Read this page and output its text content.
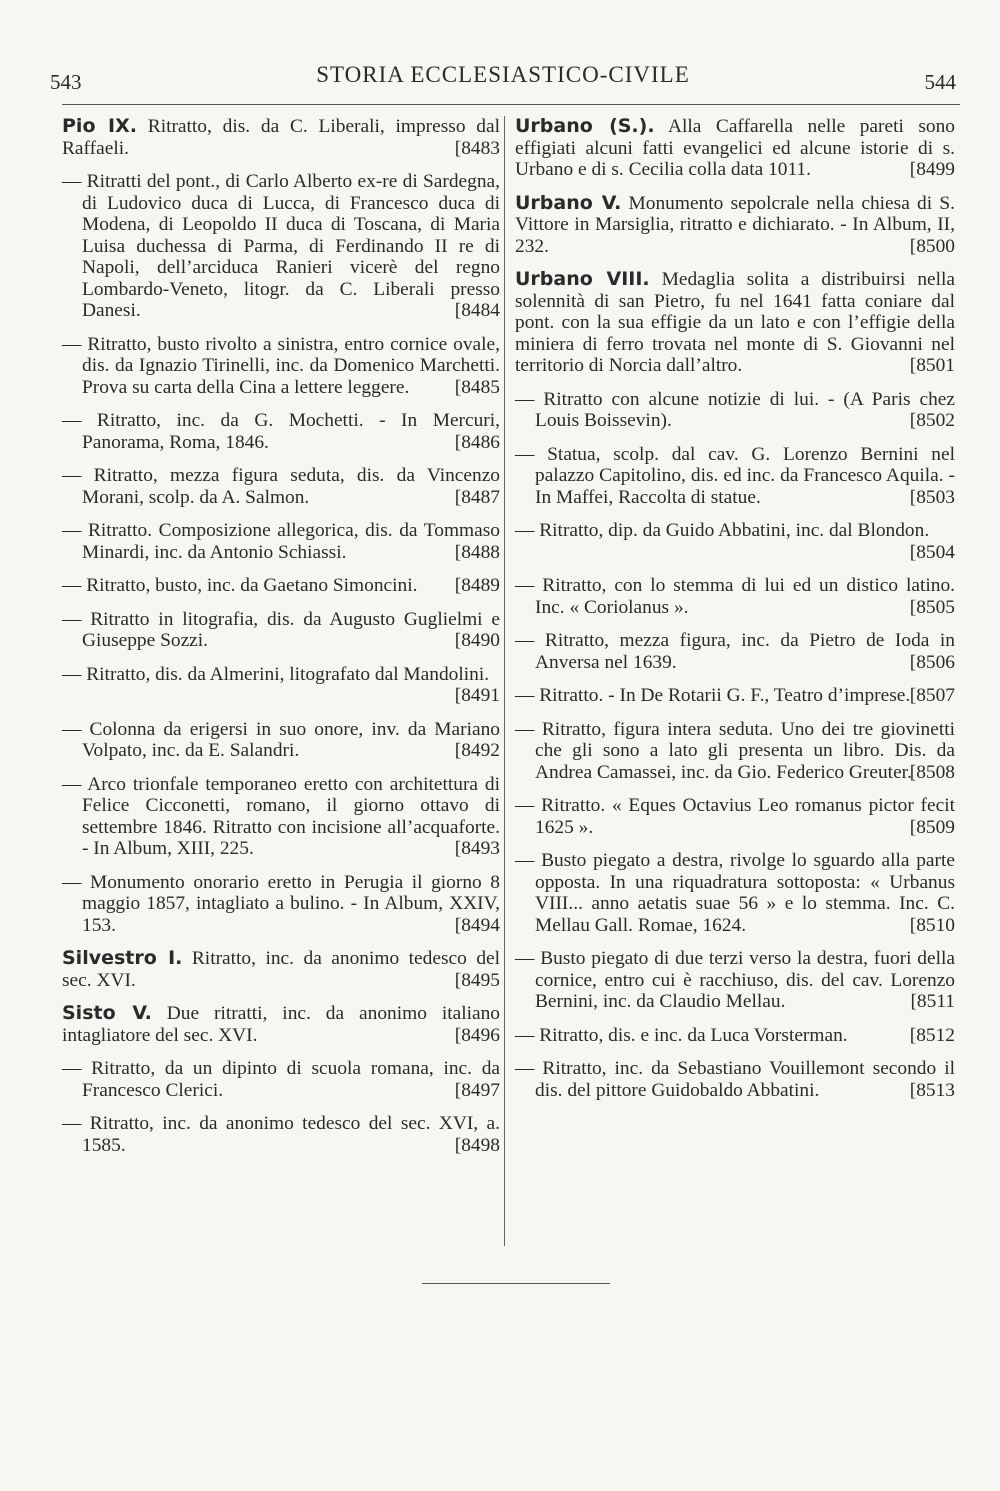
543	STORIA ECCLESIASTICO-CIVILE	544
Pio IX. Ritratto, dis. da C. Liberali, impresso dal Raffaeli.	[8483
— Ritratti del pont., di Carlo Alberto ex-re di Sardegna, di Ludovico duca di Lucca, di Francesco duca di Modena, di Leopoldo II duca di Toscana, di Maria Luisa duchessa di Parma, di Ferdinando II re di Napoli, dell’arciduca Ranieri vicerè del regno Lombardo-Veneto, litogr. da C. Liberali presso Danesi.	[8484
— Ritratto, busto rivolto a sinistra, entro cornice ovale, dis. da Ignazio Tirinelli, inc. da Domenico Marchetti. Prova su carta della Cina a lettere leggere. [8485
— Ritratto, inc. da G. Mochetti. - In Mercuri, Panorama, Roma, 1846.	[8486
— Ritratto, mezza figura seduta, dis. da Vincenzo Morani, scolp. da A. Salmon.	[8487
— Ritratto. Composizione allegorica, dis. da Tommaso Minardi, inc. da Antonio Schiassi.	[8488
— Ritratto, busto, inc. da Gaetano Simoncini. [8489
— Ritratto in litografia, dis. da Augusto Guglielmi e Giuseppe Sozzi.	[8490
— Ritratto, dis. da Almerini, litografato dal Mandolini.
[8491
— Colonna da erigersi in suo onore, inv. da Mariano Volpato, inc. da E. Salandri.	[8492
— Arco trionfale temporaneo eretto con architettura di Felice Cicconetti, romano, il giorno ottavo di settembre 1846. Ritratto con incisione all’acquaforte. - In Album, XIII, 225.	[8493
— Monumento onorario eretto in Perugia il giorno 8 maggio 1857, intagliato a bulino. - In Album, XXIV, 153.	[8494
Silvestro I. Ritratto, inc. da anonimo tedesco del sec. XVI.	[8495
Sisto V. Due ritratti, inc. da anonimo italiano intagliatore del sec. XVI.	[8496
— Ritratto, da un dipinto di scuola romana, inc. da Francesco Clerici.	[8497
— Ritratto, inc. da anonimo tedesco del sec. XVI, a. 1585.	[8498
Urbano (S.). Alla Caffarella nelle pareti sono effigiati alcuni fatti evangelici ed alcune istorie di s. Urbano e di s. Cecilia colla data 1011.	[8499
Urbano V. Monumento sepolcrale nella chiesa di S. Vittore in Marsiglia, ritratto e dichiarato. - In Album, II, 232.	[8500
Urbano VIII. Medaglia solita a distribuirsi nella solennità di san Pietro, fu nel 1641 fatta coniare dal pont. con la sua effigie da un lato e con l’effigie della miniera di ferro trovata nel monte di S. Giovanni nel territorio di Norcia dall’altro.	[8501
— Ritratto con alcune notizie di lui. - (A Paris chez Louis Boissevin).	[8502
— Statua, scolp. dal cav. G. Lorenzo Bernini nel palazzo Capitolino, dis. ed inc. da Francesco Aquila. - In Maffei, Raccolta di statue.	[8503
— Ritratto, dip. da Guido Abbatini, inc. dal Blondon.
[8504
— Ritratto, con lo stemma di lui ed un distico latino. Inc. « Coriolanus ».	[8505
— Ritratto, mezza figura, inc. da Pietro de Ioda in Anversa nel 1639.	[8506
— Ritratto. - In De Rotarii G. F., Teatro d’imprese. [8507
— Ritratto, figura intera seduta. Uno dei tre giovinetti che gli sono a lato gli presenta un libro. Dis. da Andrea Camassei, inc. da Gio. Federico Greuter.
[8508
— Ritratto. « Eques Octavius Leo romanus pictor fecit 1625 ».	[8509
— Busto piegato a destra, rivolge lo sguardo alla parte opposta. In una riquadratura sottoposta: « Urbanus VIII... anno aetatis suae 56 » e lo stemma. Inc. C. Mellau Gall. Romae, 1624.	[8510
— Busto piegato di due terzi verso la destra, fuori della cornice, entro cui è racchiuso, dis. del cav. Lorenzo Bernini, inc. da Claudio Mellau.	[8511
— Ritratto, dis. e inc. da Luca Vorsterman.	[8512
— Ritratto, inc. da Sebastiano Vouillemont secondo il dis. del pittore Guidobaldo Abbatini.	[8513
